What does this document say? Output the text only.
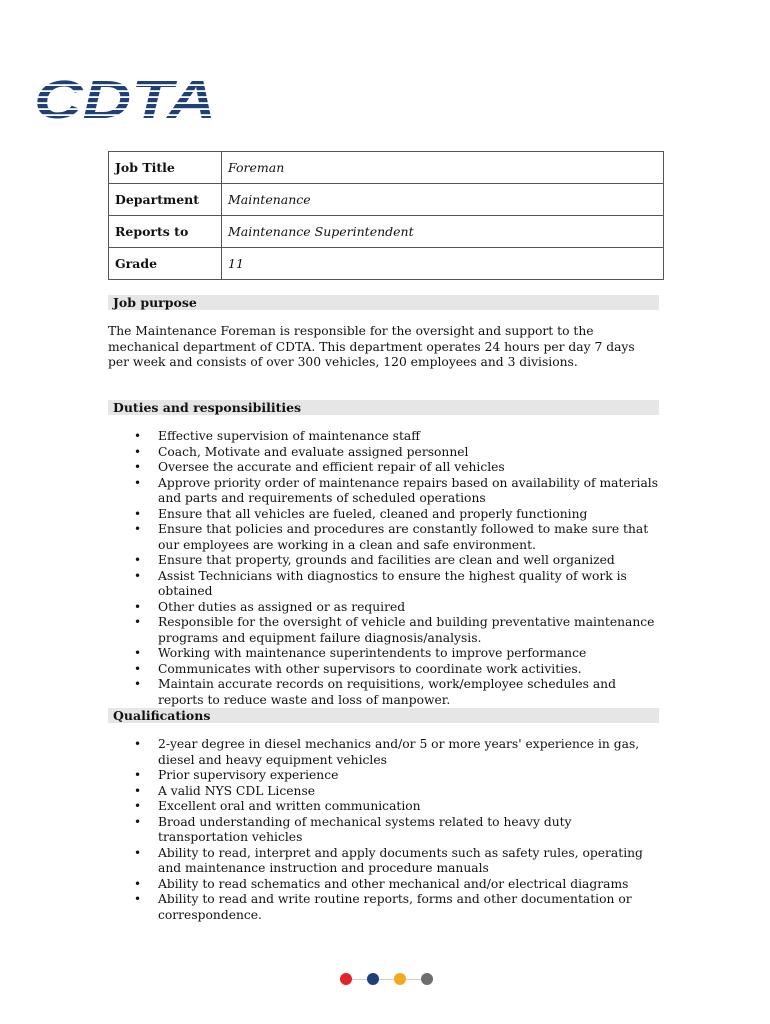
CDTA
Job Title	Foreman
Department	Maintenance
Reports to	Maintenance Superintendent
Grade	11
Job purpose
The Maintenance Foreman is responsible for the oversight and support to the mechanical department of CDTA. This department operates 24 hours per day 7 days per week and consists of over 300 vehicles, 120 employees and 3 divisions.
Duties and responsibilities
• Effective supervision of maintenance staff
• Coach, Motivate and evaluate assigned personnel
• Oversee the accurate and efficient repair of all vehicles
• Approve priority order of maintenance repairs based on availability of materials and parts and requirements of scheduled operations
• Ensure that all vehicles are fueled, cleaned and properly functioning
• Ensure that policies and procedures are constantly followed to make sure that our employees are working in a clean and safe environment.
• Ensure that property, grounds and facilities are clean and well organized
• Assist Technicians with diagnostics to ensure the highest quality of work is obtained
• Other duties as assigned or as required
• Responsible for the oversight of vehicle and building preventative maintenance programs and equipment failure diagnosis/analysis.
• Working with maintenance superintendents to improve performance
• Communicates with other supervisors to coordinate work activities.
• Maintain accurate records on requisitions, work/employee schedules and reports to reduce waste and loss of manpower.
Qualifications
• 2-year degree in diesel mechanics and/or 5 or more years' experience in gas, diesel and heavy equipment vehicles
• Prior supervisory experience
• A valid NYS CDL License
• Excellent oral and written communication
• Broad understanding of mechanical systems related to heavy duty transportation vehicles
• Ability to read, interpret and apply documents such as safety rules, operating and maintenance instruction and procedure manuals
• Ability to read schematics and other mechanical and/or electrical diagrams
• Ability to read and write routine reports, forms and other documentation or correspondence.
